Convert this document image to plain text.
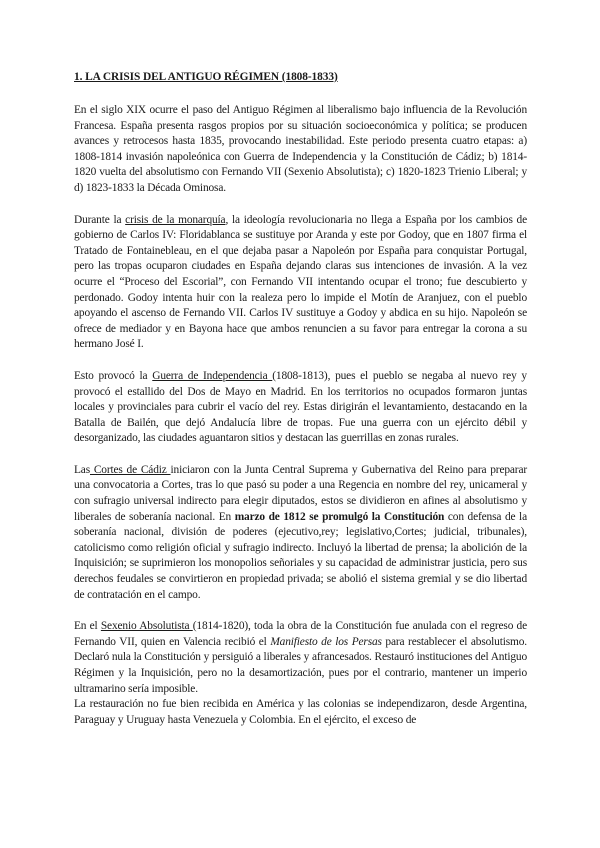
1. LA CRISIS DEL ANTIGUO RÉGIMEN (1808-1833)

En el siglo XIX ocurre el paso del Antiguo Régimen al liberalismo bajo influencia de la Revolución Francesa. España presenta rasgos propios por su situación socioeconómica y política; se producen avances y retrocesos hasta 1835, provocando inestabilidad. Este periodo presenta cuatro etapas: a) 1808-1814 invasión napoleónica con Guerra de Independencia y la Constitución de Cádiz; b) 1814-1820 vuelta del absolutismo con Fernando VII (Sexenio Absolutista); c) 1820-1823 Trienio Liberal; y d) 1823-1833 la Década Ominosa.

Durante la crisis de la monarquía, la ideología revolucionaria no llega a España por los cambios de gobierno de Carlos IV: Floridablanca se sustituye por Aranda y este por Godoy, que en 1807 firma el Tratado de Fontainebleau, en el que dejaba pasar a Napoleón por España para conquistar Portugal, pero las tropas ocuparon ciudades en España dejando claras sus intenciones de invasión. A la vez ocurre el “Proceso del Escorial”, con Fernando VII intentando ocupar el trono; fue descubierto y perdonado. Godoy intenta huir con la realeza pero lo impide el Motín de Aranjuez, con el pueblo apoyando el ascenso de Fernando VII. Carlos IV sustituye a Godoy y abdica en su hijo. Napoleón se ofrece de mediador y en Bayona hace que ambos renuncien a su favor para entregar la corona a su hermano José I.

Esto provocó la Guerra de Independencia (1808-1813), pues el pueblo se negaba al nuevo rey y provocó el estallido del Dos de Mayo en Madrid. En los territorios no ocupados formaron juntas locales y provinciales para cubrir el vacío del rey. Estas dirigirán el levantamiento, destacando en la Batalla de Bailén, que dejó Andalucía libre de tropas. Fue una guerra con un ejército débil y desorganizado, las ciudades aguantaron sitios y destacan las guerrillas en zonas rurales.

Las Cortes de Cádiz iniciaron con la Junta Central Suprema y Gubernativa del Reino para preparar una convocatoria a Cortes, tras lo que pasó su poder a una Regencia en nombre del rey, unicameral y con sufragio universal indirecto para elegir diputados, estos se dividieron en afines al absolutismo y liberales de soberanía nacional. En marzo de 1812 se promulgó la Constitución con defensa de la soberanía nacional, división de poderes (ejecutivo,rey; legislativo,Cortes; judicial, tribunales), catolicismo como religión oficial y sufragio indirecto. Incluyó la libertad de prensa; la abolición de la Inquisición; se suprimieron los monopolios señoriales y su capacidad de administrar justicia, pero sus derechos feudales se convirtieron en propiedad privada; se abolió el sistema gremial y se dio libertad de contratación en el campo.

En el Sexenio Absolutista (1814-1820), toda la obra de la Constitución fue anulada con el regreso de Fernando VII, quien en Valencia recibió el Manifiesto de los Persas para restablecer el absolutismo. Declaró nula la Constitución y persiguió a liberales y afrancesados. Restauró instituciones del Antiguo Régimen y la Inquisición, pero no la desamortización, pues por el contrario, mantener un imperio ultramarino sería imposible.

La restauración no fue bien recibida en América y las colonias se independizaron, desde Argentina, Paraguay y Uruguay hasta Venezuela y Colombia. En el ejército, el exceso de
